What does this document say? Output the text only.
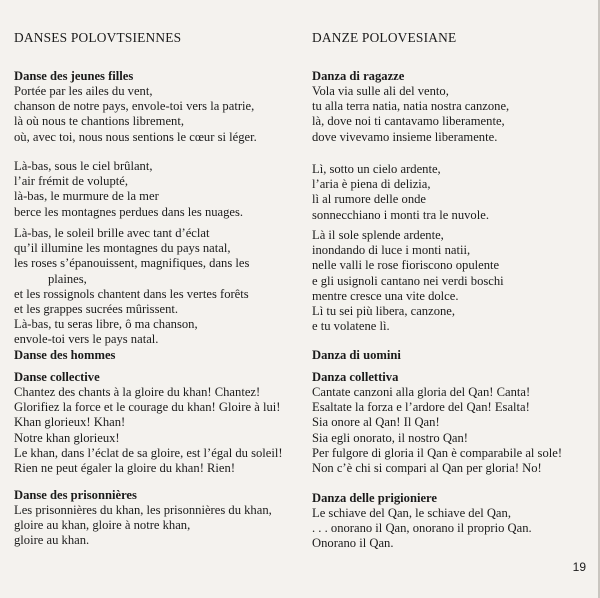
DANSES POLOVTSIENNES
Danse des jeunes filles
Portée par les ailes du vent,
chanson de notre pays, envole-toi vers la patrie,
là où nous te chantions librement,
où, avec toi, nous nous sentions le cœur si léger.
Là-bas, sous le ciel brûlant,
l’air frémit de volupté,
là-bas, le murmure de la mer
berce les montagnes perdues dans les nuages.
Là-bas, le soleil brille avec tant d’éclat
qu’il illumine les montagnes du pays natal,
les roses s’épanouissent, magnifiques, dans les
plaines,
et les rossignols chantent dans les vertes forêts
et les grappes sucrées mûrissent.
Là-bas, tu seras libre, ô ma chanson,
envole-toi vers le pays natal.
Danse des hommes
Danse collective
Chantez des chants à la gloire du khan! Chantez!
Glorifiez la force et le courage du khan! Gloire à lui!
Khan glorieux! Khan!
Notre khan glorieux!
Le khan, dans l’éclat de sa gloire, est l’égal du soleil!
Rien ne peut égaler la gloire du khan! Rien!
Danse des prisonnières
Les prisonnières du khan, les prisonnières du khan,
gloire au khan, gloire à notre khan,
gloire au khan.
DANZE POLOVESIANE
Danza di ragazze
Vola via sulle ali del vento,
tu alla terra natia, natia nostra canzone,
là, dove noi ti cantavamo liberamente,
dove vivevamo insieme liberamente.
Lì, sotto un cielo ardente,
l’aria è piena di delizia,
lì al rumore delle onde
sonnecchiano i monti tra le nuvole.
Là il sole splende ardente,
inondando di luce i monti natii,
nelle valli le rose fioriscono opulente
e gli usignoli cantano nei verdi boschi
mentre cresce una vite dolce.
Lì tu sei più libera, canzone,
e tu volatene lì.
Danza di uomini
Danza collettiva
Cantate canzoni alla gloria del Qan! Canta!
Esaltate la forza e l’ardore del Qan! Esalta!
Sia onore al Qan! Il Qan!
Sia egli onorato, il nostro Qan!
Per fulgore di gloria il Qan è comparabile al sole!
Non c’è chi si compari al Qan per gloria! No!
Danza delle prigioniere
Le schiave del Qan, le schiave del Qan,
. . . onorano il Qan, onorano il proprio Qan.
Onorano il Qan.
19
